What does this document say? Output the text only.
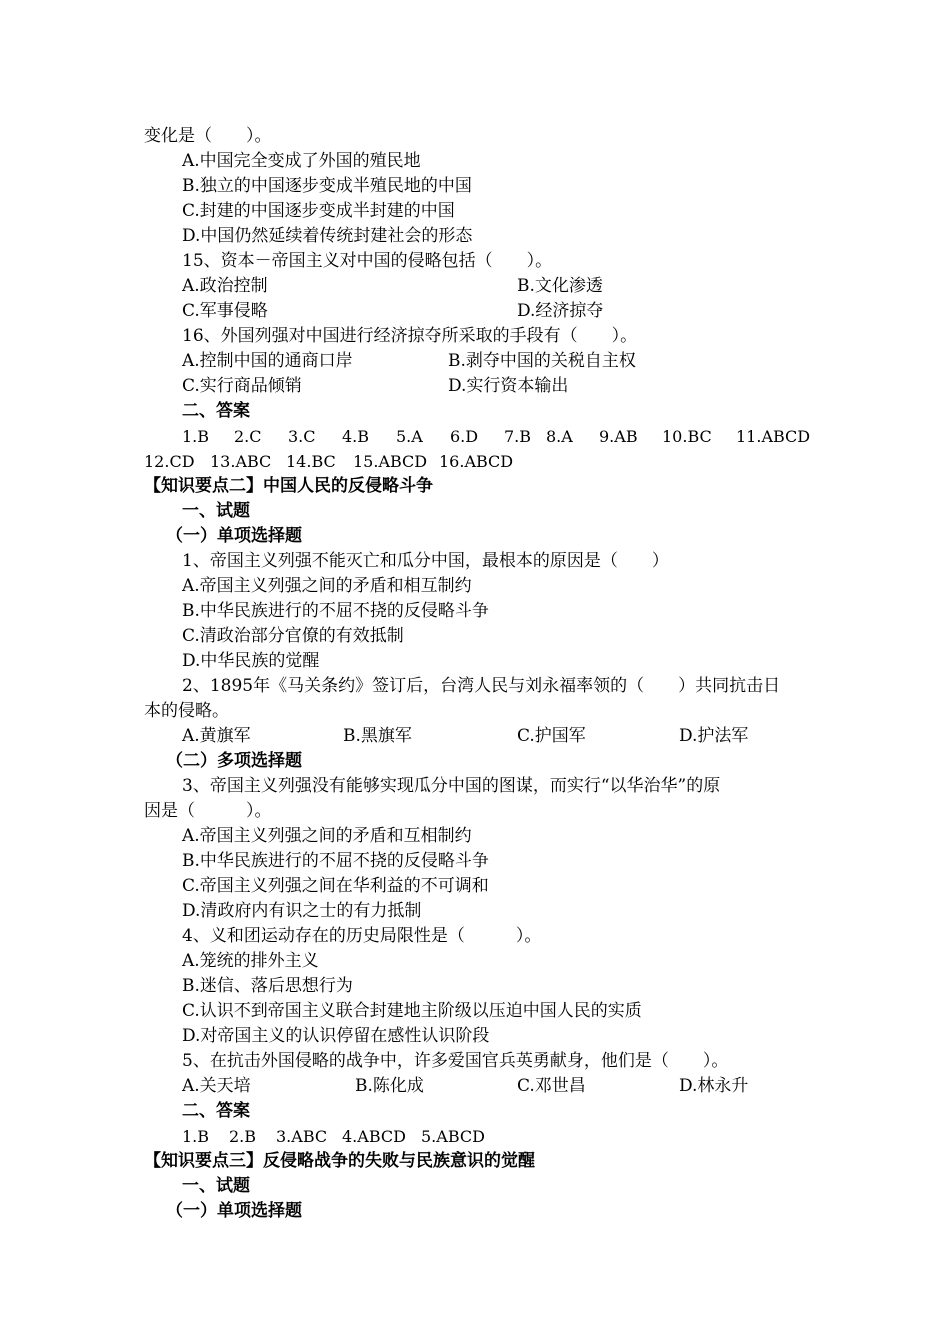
变化是（　　）。
A.中国完全变成了外国的殖民地
B.独立的中国逐步变成半殖民地的中国
C.封建的中国逐步变成半封建的中国
D.中国仍然延续着传统封建社会的形态
15、资本－帝国主义对中国的侵略包括（　　）。
A.政治控制	B.文化渗透
C.军事侵略	D.经济掠夺
16、外国列强对中国进行经济掠夺所采取的手段有（　　）。
A.控制中国的通商口岸	B.剥夺中国的关税自主权
C.实行商品倾销	D.实行资本输出
二、答案
1.B 2.C 3.C 4.B 5.A 6.D 7.B 8.A 9.AB 10.BC 11.ABCD
12.CD 13.ABC 14.BC 15.ABCD 16.ABCD
【知识要点二】中国人民的反侵略斗争
一、试题
（一）单项选择题
1、帝国主义列强不能灭亡和瓜分中国，最根本的原因是（　　）
A.帝国主义列强之间的矛盾和相互制约
B.中华民族进行的不屈不挠的反侵略斗争
C.清政治部分官僚的有效抵制
D.中华民族的觉醒
2、1895年《马关条约》签订后，台湾人民与刘永福率领的（　　）共同抗击日
本的侵略。
A.黄旗军	B.黑旗军	C.护国军	D.护法军
（二）多项选择题
3、帝国主义列强没有能够实现瓜分中国的图谋，而实行“以华治华”的原
因是（　　　）。
A.帝国主义列强之间的矛盾和互相制约
B.中华民族进行的不屈不挠的反侵略斗争
C.帝国主义列强之间在华利益的不可调和
D.清政府内有识之士的有力抵制
4、义和团运动存在的历史局限性是（　　　）。
A.笼统的排外主义
B.迷信、落后思想行为
C.认识不到帝国主义联合封建地主阶级以压迫中国人民的实质
D.对帝国主义的认识停留在感性认识阶段
5、在抗击外国侵略的战争中，许多爱国官兵英勇献身，他们是（　　）。
A.关天培	B.陈化成	C.邓世昌	D.林永升
二、答案
1.B 2.B 3.ABC 4.ABCD 5.ABCD
【知识要点三】反侵略战争的失败与民族意识的觉醒
一、试题
（一）单项选择题
